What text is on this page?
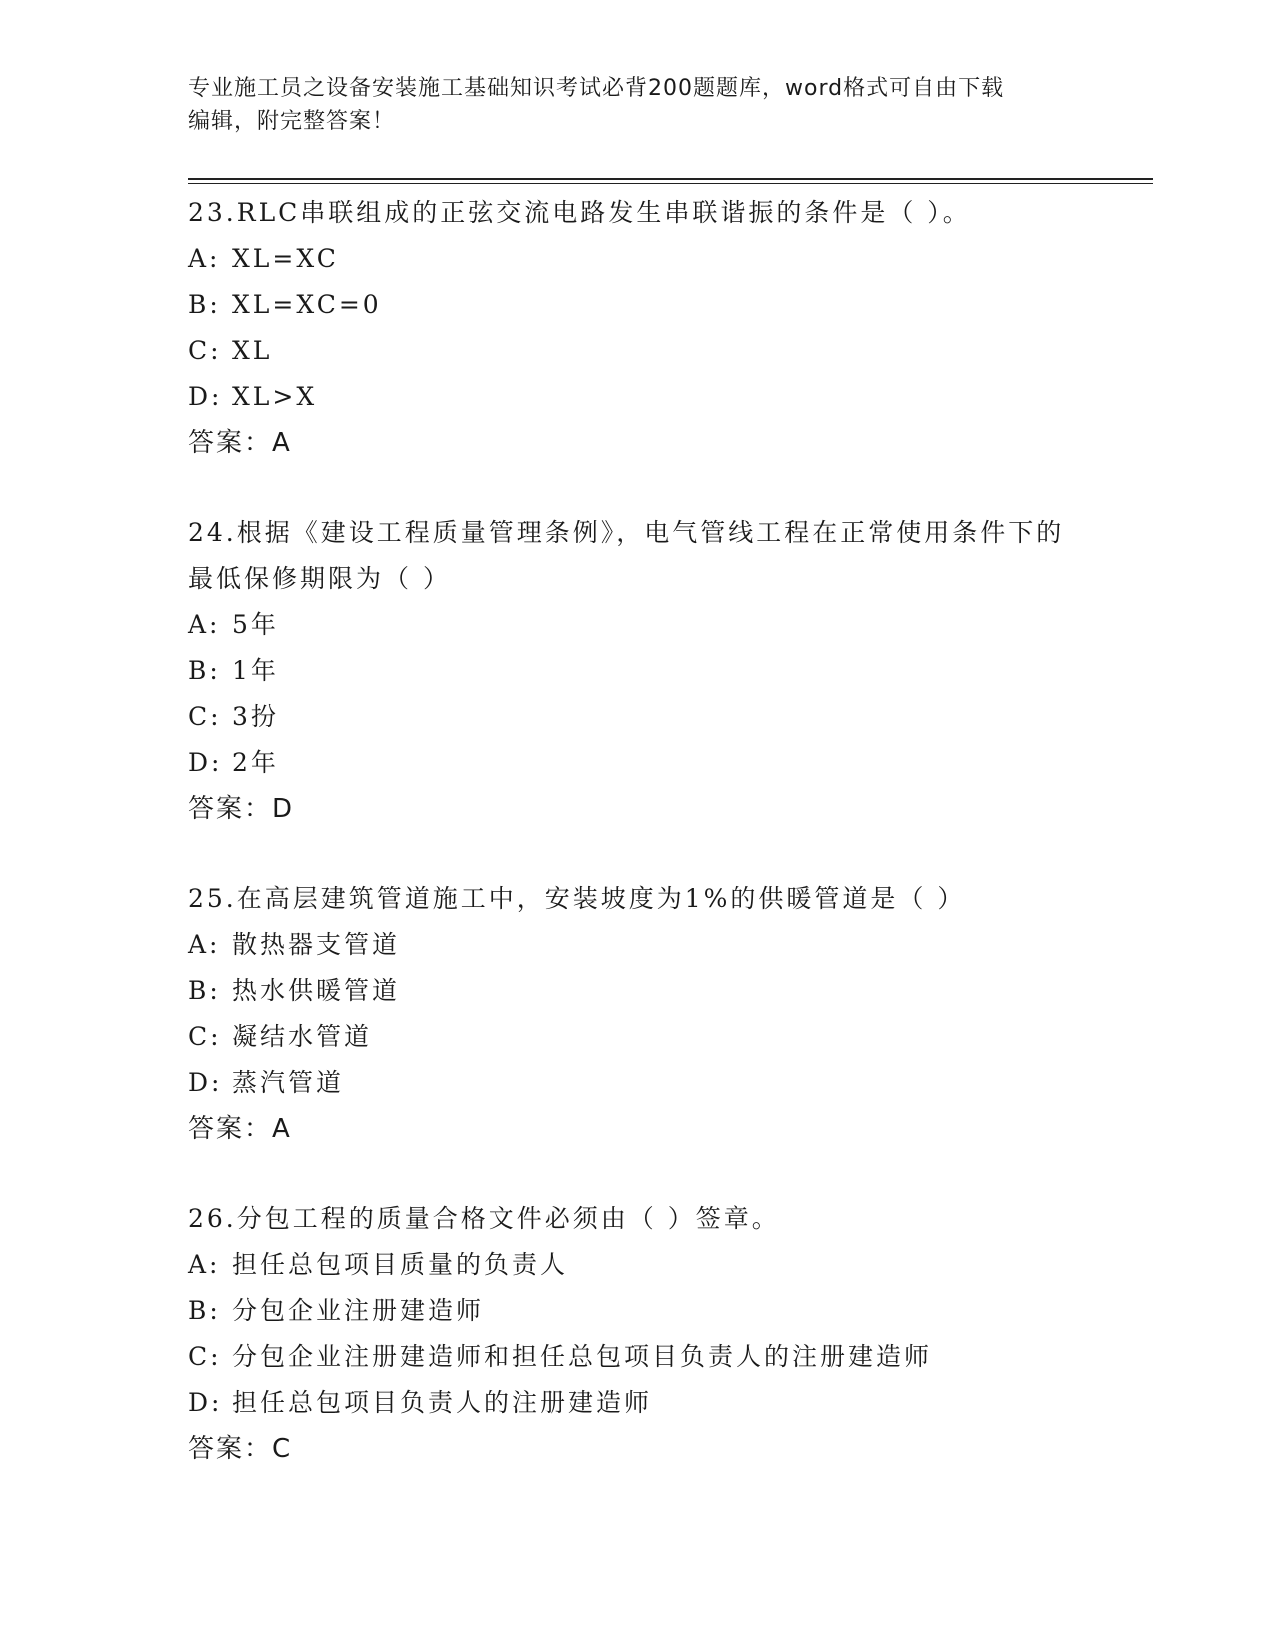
专业施工员之设备安装施工基础知识考试必背200题题库，word格式可自由下载
编辑，附完整答案！
23.RLC串联组成的正弦交流电路发生串联谐振的条件是（ ）。
A: XL=XC
B: XL=XC=0
C: XL
D: XL>X
答案：A
24.根据《建设工程质量管理条例》，电气管线工程在正常使用条件下的最低保修期限为（ ）
A: 5年
B: 1年
C: 3扮
D: 2年
答案：D
25.在高层建筑管道施工中，安装坡度为1%的供暖管道是（ ）
A: 散热器支管道
B: 热水供暖管道
C: 凝结水管道
D: 蒸汽管道
答案：A
26.分包工程的质量合格文件必须由（ ）签章。
A: 担任总包项目质量的负责人
B: 分包企业注册建造师
C: 分包企业注册建造师和担任总包项目负责人的注册建造师
D: 担任总包项目负责人的注册建造师
答案：C
